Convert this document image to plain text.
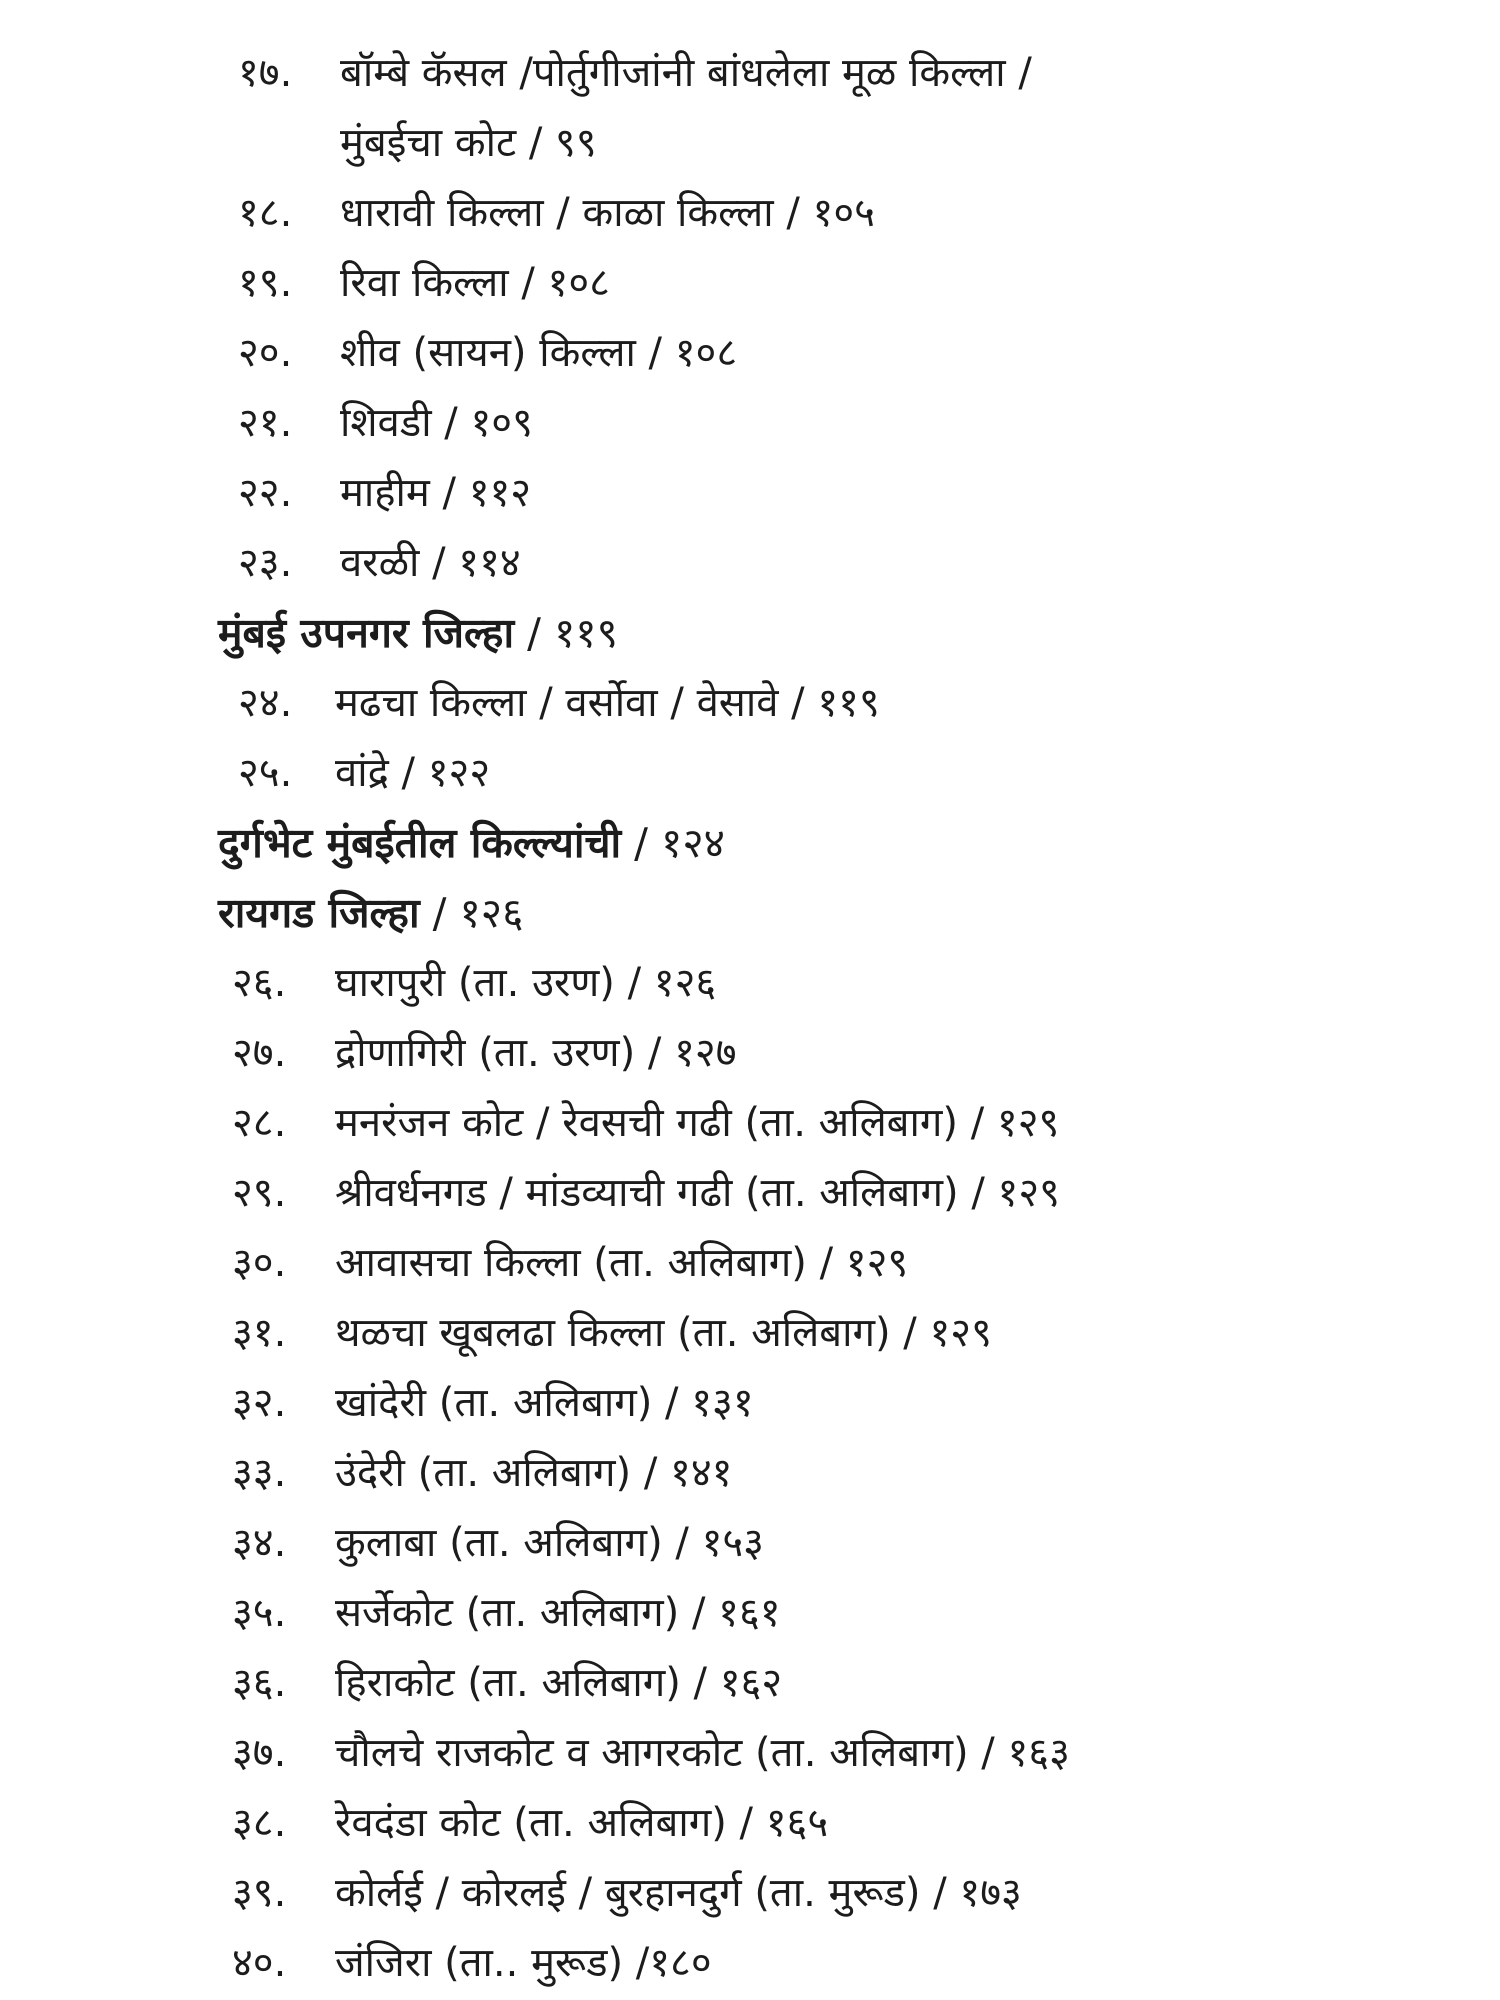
१७. बॉम्बे कॅसल /पोर्तुगीजांनी बांधलेला मूळ किल्ला /
मुंबईचा कोट / ९९
१८. धारावी किल्ला / काळा किल्ला / १०५
१९. रिवा किल्ला / १०८
२०. शीव (सायन) किल्ला / १०८
२१. शिवडी / १०९
२२. माहीम / ११२
२३. वरळी / ११४
मुंबई उपनगर जिल्हा / ११९
२४. मढचा किल्ला / वर्सोवा / वेसावे / ११९
२५. वांद्रे / १२२
दुर्गभेट मुंबईतील किल्ल्यांची / १२४
रायगड जिल्हा / १२६
२६. घारापुरी (ता. उरण) / १२६
२७. द्रोणागिरी (ता. उरण) / १२७
२८. मनरंजन कोट / रेवसची गढी (ता. अलिबाग) / १२९
२९. श्रीवर्धनगड / मांडव्याची गढी (ता. अलिबाग) / १२९
३०. आवासचा किल्ला (ता. अलिबाग) / १२९
३१. थळचा खूबलढा किल्ला (ता. अलिबाग) / १२९
३२. खांदेरी (ता. अलिबाग) / १३१
३३. उंदेरी (ता. अलिबाग) / १४१
३४. कुलाबा (ता. अलिबाग) / १५३
३५. सर्जेकोट (ता. अलिबाग) / १६१
३६. हिराकोट (ता. अलिबाग) / १६२
३७. चौलचे राजकोट व आगरकोट (ता. अलिबाग) / १६३
३८. रेवदंडा कोट (ता. अलिबाग) / १६५
३९. कोर्लई / कोरलई / बुरहानदुर्ग (ता. मुरूड) / १७३
४०. जंजिरा (ता.. मुरूड) /१८०
